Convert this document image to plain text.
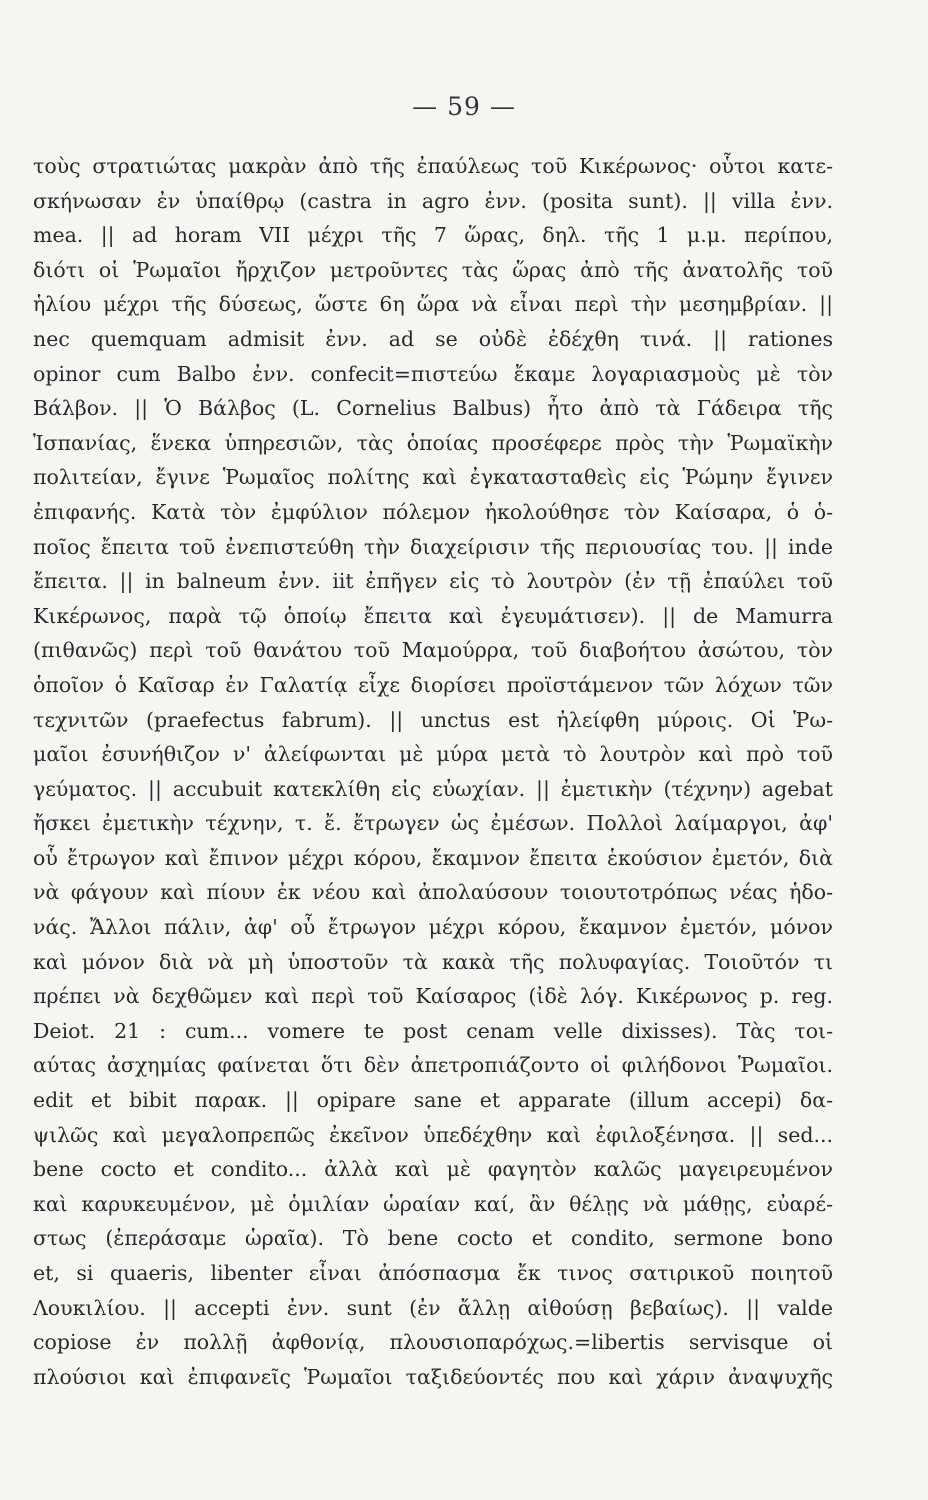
— 59 —
τοὺς στρατιώτας μακρὰν ἀπὸ τῆς ἐπαύλεως τοῦ Κικέρωνος· οὗτοι κατε-
σκήνωσαν ἐν ὑπαίθρῳ (castra in agro ἐνν. (posita sunt). || villa ἐνν.
mea. || ad horam VII μέχρι τῆς 7 ὥρας, δηλ. τῆς 1 μ.μ. περίπου,
διότι οἱ Ῥωμαῖοι ἤρχιζον μετροῦντες τὰς ὥρας ἀπὸ τῆς ἀνατολῆς τοῦ
ἡλίου μέχρι τῆς δύσεως, ὥστε 6η ὥρα νὰ εἶναι περὶ τὴν μεσημβρίαν. ||
nec quemquam admisit ἐνν. ad se οὐδὲ ἐδέχθη τινά. || rationes
opinor cum Balbo ἐνν. confecit=πιστεύω ἔκαμε λογαριασμοὺς μὲ τὸν
Βάλβον. || Ὁ Βάλβος (L. Cornelius Balbus) ἦτο ἀπὸ τὰ Γάδειρα τῆς
Ἱσπανίας, ἕνεκα ὑπηρεσιῶν, τὰς ὁποίας προσέφερε πρὸς τὴν Ῥωμαϊκὴν
πολιτείαν, ἔγινε Ῥωμαῖος πολίτης καὶ ἐγκατασταθεὶς εἰς Ῥώμην ἔγινεν
ἐπιφανής. Κατὰ τὸν ἐμφύλιον πόλεμον ἠκολούθησε τὸν Καίσαρα, ὁ ὁ-
ποῖος ἔπειτα τοῦ ἐνεπιστεύθη τὴν διαχείρισιν τῆς περιουσίας του. || inde
ἔπειτα. || in balneum ἐνν. iit ἐπῆγεν εἰς τὸ λουτρὸν (ἐν τῇ ἐπαύλει τοῦ
Κικέρωνος, παρὰ τῷ ὁποίῳ ἔπειτα καὶ ἐγευμάτισεν). || de Mamurra
(πιθανῶς) περὶ τοῦ θανάτου τοῦ Μαμούρρα, τοῦ διαβοήτου ἀσώτου, τὸν
ὁποῖον ὁ Καῖσαρ ἐν Γαλατίᾳ εἶχε διορίσει προϊστάμενον τῶν λόχων τῶν
τεχνιτῶν (praefectus fabrum). || unctus est ἠλείφθη μύροις. Οἱ Ῥω-
μαῖοι ἐσυνήθιζον ν' ἀλείφωνται μὲ μύρα μετὰ τὸ λουτρὸν καὶ πρὸ τοῦ
γεύματος. || accubuit κατεκλίθη εἰς εὐωχίαν. || ἐμετικὴν (τέχνην) agebat
ἤσκει ἐμετικὴν τέχνην, τ. ἔ. ἔτρωγεν ὡς ἐμέσων. Πολλοὶ λαίμαργοι, ἀφ'
οὗ ἔτρωγον καὶ ἔπινον μέχρι κόρου, ἔκαμνον ἔπειτα ἑκούσιον ἐμετόν, διὰ
νὰ φάγουν καὶ πίουν ἐκ νέου καὶ ἀπολαύσουν τοιουτοτρόπως νέας ἡδο-
νάς. Ἄλλοι πάλιν, ἀφ' οὗ ἔτρωγον μέχρι κόρου, ἔκαμνον ἐμετόν, μόνον
καὶ μόνον διὰ νὰ μὴ ὑποστοῦν τὰ κακὰ τῆς πολυφαγίας. Τοιοῦτόν τι
πρέπει νὰ δεχθῶμεν καὶ περὶ τοῦ Καίσαρος (ἰδὲ λόγ. Κικέρωνος p. reg.
Deiot. 21 : cum... vomere te post cenam velle dixisses). Τὰς τοι-
αύτας ἀσχημίας φαίνεται ὅτι δὲν ἀπετροπιάζοντο οἱ φιλήδονοι Ῥωμαῖοι.
edit et bibit παρακ. || opipare sane et apparate (illum accepi) δα-
ψιλῶς καὶ μεγαλοπρεπῶς ἐκεῖνον ὑπεδέχθην καὶ ἐφιλοξένησα. || sed...
bene cocto et condito... ἀλλὰ καὶ μὲ φαγητὸν καλῶς μαγειρευμένον
καὶ καρυκευμένον, μὲ ὁμιλίαν ὡραίαν καί, ἂν θέλῃς νὰ μάθῃς, εὐαρέ-
στως (ἐπεράσαμε ὡραῖα). Τὸ bene cocto et condito, sermone bono
et, si quaeris, libenter εἶναι ἀπόσπασμα ἔκ τινος σατιρικοῦ ποιητοῦ
Λουκιλίου. || accepti ἐνν. sunt (ἐν ἄλλῃ αἰθούσῃ βεβαίως). || valde
copiose ἐν πολλῇ ἀφθονίᾳ, πλουσιοπαρόχως.=libertis servisque οἱ
πλούσιοι καὶ ἐπιφανεῖς Ῥωμαῖοι ταξιδεύοντές που καὶ χάριν ἀναψυχῆς
